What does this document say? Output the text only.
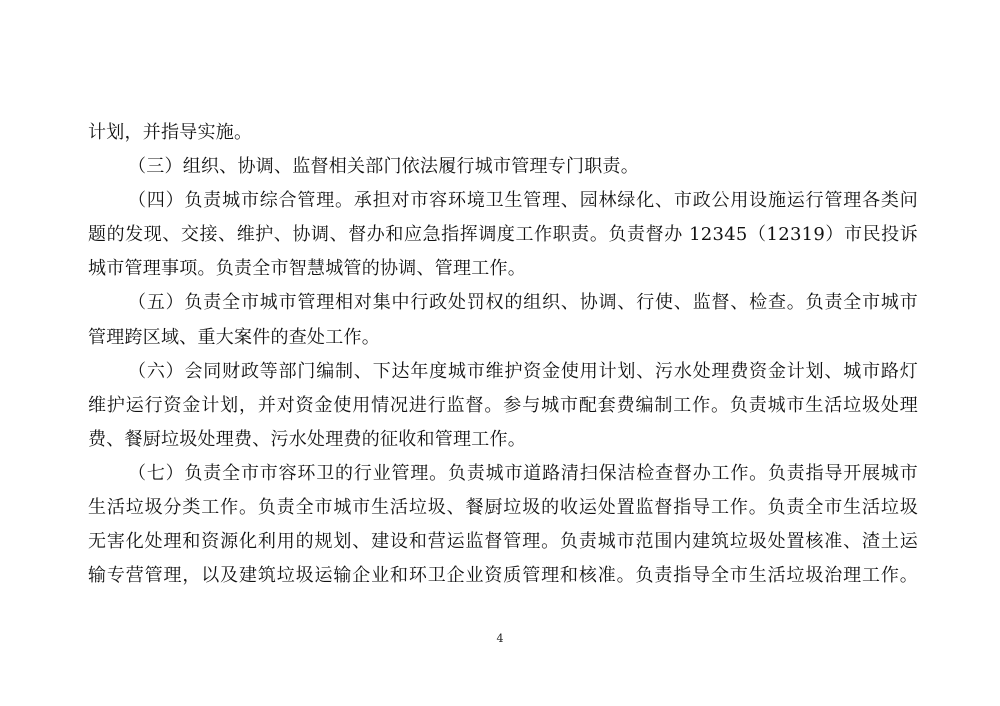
计划，并指导实施。
（三）组织、协调、监督相关部门依法履行城市管理专门职责。
（四）负责城市综合管理。承担对市容环境卫生管理、园林绿化、市政公用设施运行管理各类问
题的发现、交接、维护、协调、督办和应急指挥调度工作职责。负责督办 12345（12319）市民投诉
城市管理事项。负责全市智慧城管的协调、管理工作。
（五）负责全市城市管理相对集中行政处罚权的组织、协调、行使、监督、检查。负责全市城市
管理跨区域、重大案件的查处工作。
（六）会同财政等部门编制、下达年度城市维护资金使用计划、污水处理费资金计划、城市路灯
维护运行资金计划，并对资金使用情况进行监督。参与城市配套费编制工作。负责城市生活垃圾处理
费、餐厨垃圾处理费、污水处理费的征收和管理工作。
（七）负责全市市容环卫的行业管理。负责城市道路清扫保洁检查督办工作。负责指导开展城市
生活垃圾分类工作。负责全市城市生活垃圾、餐厨垃圾的收运处置监督指导工作。负责全市生活垃圾
无害化处理和资源化利用的规划、建设和营运监督管理。负责城市范围内建筑垃圾处置核准、渣土运
输专营管理，以及建筑垃圾运输企业和环卫企业资质管理和核准。负责指导全市生活垃圾治理工作。
4
